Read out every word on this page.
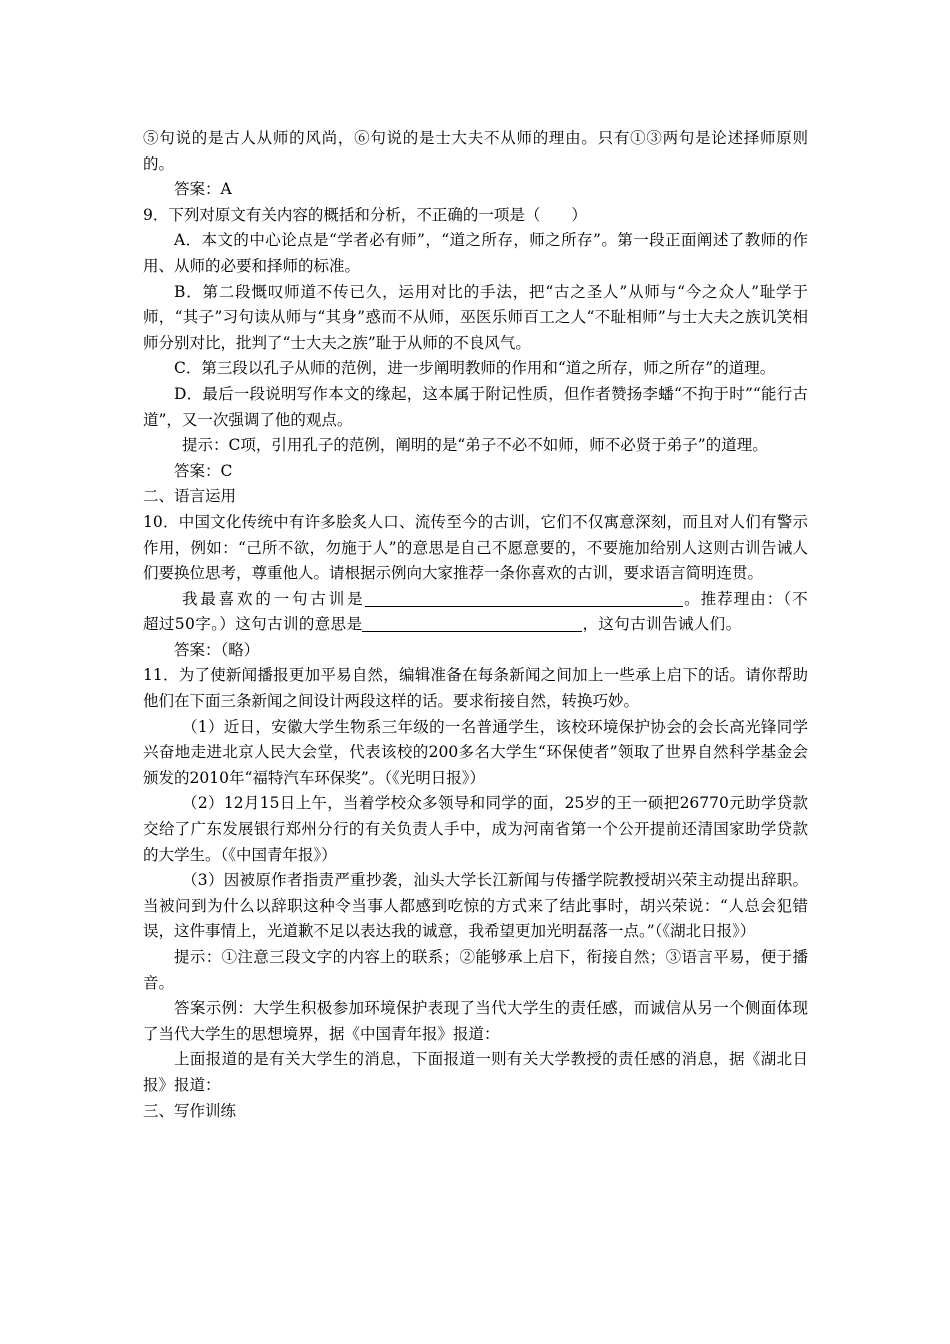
⑤句说的是古人从师的风尚，⑥句说的是士大夫不从师的理由。只有①③两句是论述择师原则的。

答案：A

9．下列对原文有关内容的概括和分析，不正确的一项是（　　）

A．本文的中心论点是“学者必有师”，“道之所存，师之所存”。第一段正面阐述了教师的作用、从师的必要和择师的标准。

B．第二段慨叹师道不传已久，运用对比的手法，把“古之圣人”从师与“今之众人”耻学于师，“其子”习句读从师与“其身”惑而不从师，巫医乐师百工之人“不耻相师”与士大夫之族讥笑相师分别对比，批判了“士大夫之族”耻于从师的不良风气。

C．第三段以孔子从师的范例，进一步阐明教师的作用和“道之所存，师之所存”的道理。

D．最后一段说明写作本文的缘起，这本属于附记性质，但作者赞扬李蟠“不拘于时”“能行古道”，又一次强调了他的观点。

提示：C项，引用孔子的范例，阐明的是“弟子不必不如师，师不必贤于弟子”的道理。

答案：C

二、语言运用

10．中国文化传统中有许多脍炙人口、流传至今的古训，它们不仅寓意深刻，而且对人们有警示作用，例如：“己所不欲，勿施于人”的意思是自己不愿意要的，不要施加给别人这则古训告诫人们要换位思考，尊重他人。请根据示例向大家推荐一条你喜欢的古训，要求语言简明连贯。

我最喜欢的一句古训是	。推荐理由：（不超过50字。）这句古训的意思是	，这句古训告诫人们。

答案：（略）

11．为了使新闻播报更加平易自然，编辑准备在每条新闻之间加上一些承上启下的话。请你帮助他们在下面三条新闻之间设计两段这样的话。要求衔接自然，转换巧妙。

（1）近日，安徽大学生物系三年级的一名普通学生，该校环境保护协会的会长高光锋同学兴奋地走进北京人民大会堂，代表该校的200多名大学生“环保使者”领取了世界自然科学基金会颁发的2010年“福特汽车环保奖”。（《光明日报》）

（2）12月15日上午，当着学校众多领导和同学的面，25岁的王一硕把26770元助学贷款交给了广东发展银行郑州分行的有关负责人手中，成为河南省第一个公开提前还清国家助学贷款的大学生。（《中国青年报》）

（3）因被原作者指责严重抄袭，汕头大学长江新闻与传播学院教授胡兴荣主动提出辞职。当被问到为什么以辞职这种令当事人都感到吃惊的方式来了结此事时，胡兴荣说：“人总会犯错误，这件事情上，光道歉不足以表达我的诚意，我希望更加光明磊落一点。”（《湖北日报》）

提示：①注意三段文字的内容上的联系；②能够承上启下，衔接自然；③语言平易，便于播音。

答案示例：大学生积极参加环境保护表现了当代大学生的责任感，而诚信从另一个侧面体现了当代大学生的思想境界，据《中国青年报》报道：

上面报道的是有关大学生的消息，下面报道一则有关大学教授的责任感的消息，据《湖北日报》报道：

三、写作训练
